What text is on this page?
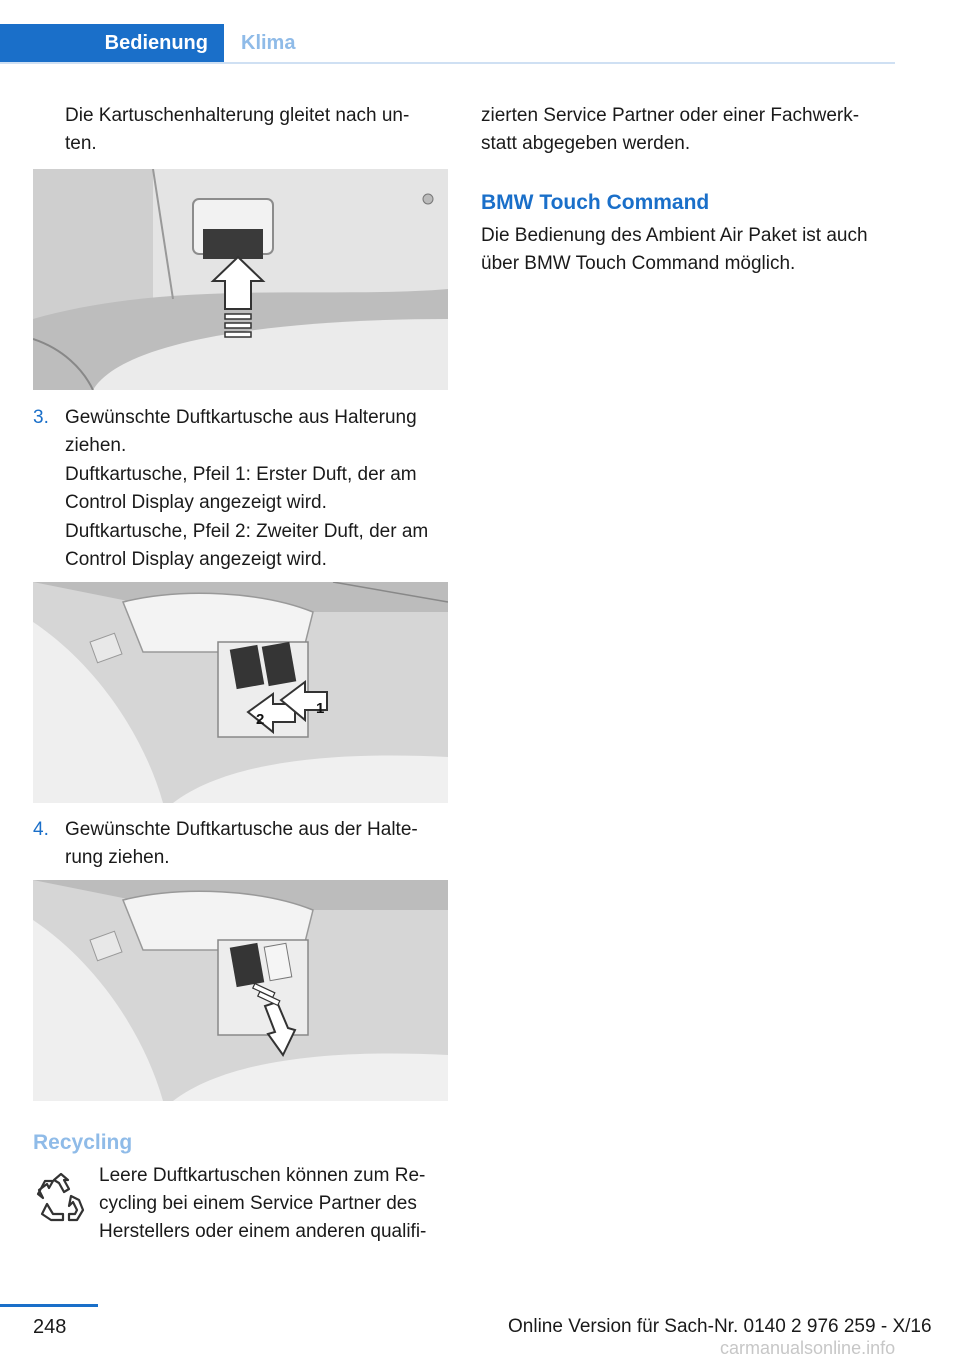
Bedienung	Klima

Die Kartuschenhalterung gleitet nach un-
ten.

3. Gewünschte Duftkartusche aus Halterung
ziehen.

Duftkartusche, Pfeil 1: Erster Duft, der am
Control Display angezeigt wird.

Duftkartusche, Pfeil 2: Zweiter Duft, der am
Control Display angezeigt wird.

2
1
4. Gewünschte Duftkartusche aus der Halte-
rung ziehen.

Recycling

Leere Duftkartuschen können zum Re-
cycling bei einem Service Partner des
Herstellers oder einem anderen qualifi-

zierten Service Partner oder einer Fachwerk-
statt abgegeben werden.

BMW Touch Command

Die Bedienung des Ambient Air Paket ist auch
über BMW Touch Command möglich.

248	Online Version für Sach-Nr. 0140 2 976 259 - X/16
carmanualsonline.info
